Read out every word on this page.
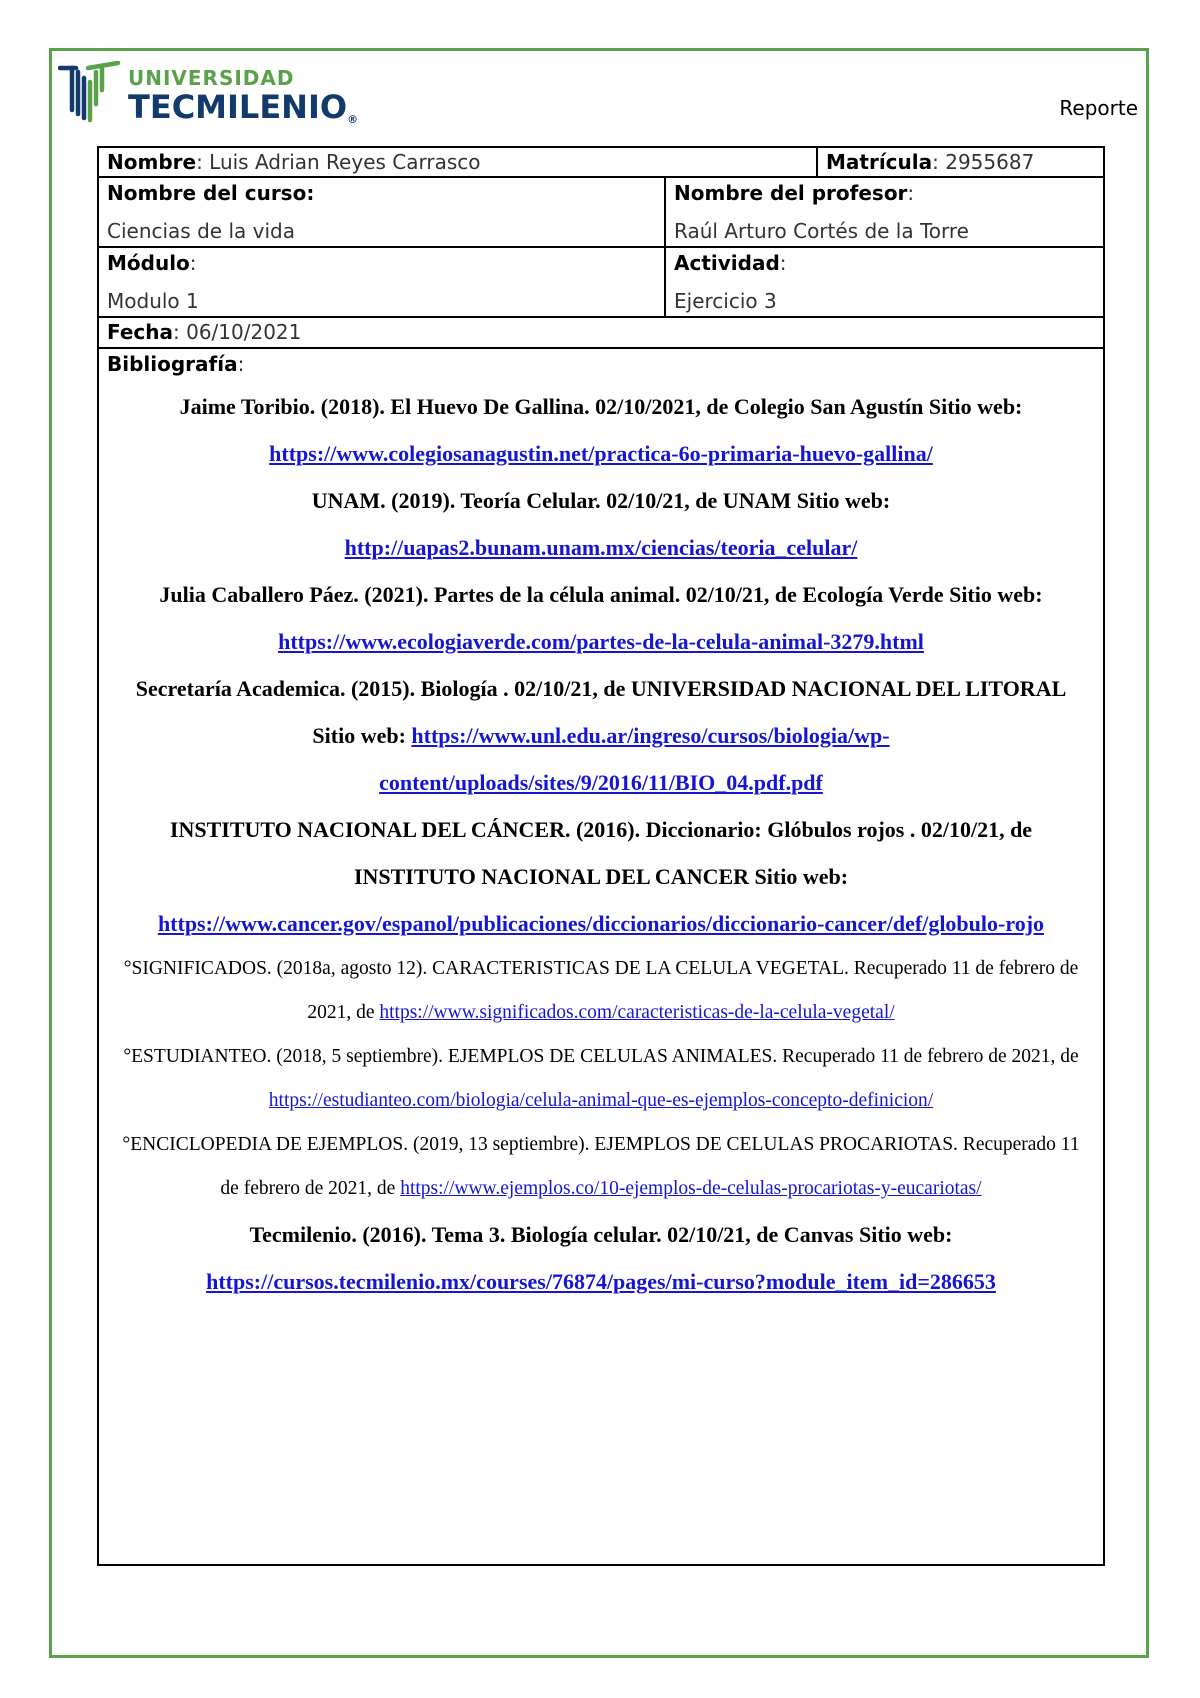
UNIVERSIDAD
TECMILENIO®	Reporte
Nombre: Luis Adrian Reyes Carrasco	Matrícula: 2955687
Nombre del curso:
Ciencias de la vida
Nombre del profesor:
Raúl Arturo Cortés de la Torre
Módulo:
Modulo 1
Actividad:
Ejercicio 3
Fecha: 06/10/2021
Bibliografía:
Jaime Toribio. (2018). El Huevo De Gallina. 02/10/2021, de Colegio San Agustín Sitio web: https://www.colegiosanagustin.net/practica-6o-primaria-huevo-gallina/
UNAM. (2019). Teoría Celular. 02/10/21, de UNAM Sitio web: http://uapas2.bunam.unam.mx/ciencias/teoria_celular/
Julia Caballero Páez. (2021). Partes de la célula animal. 02/10/21, de Ecología Verde Sitio web: https://www.ecologiaverde.com/partes-de-la-celula-animal-3279.html
Secretaría Academica. (2015). Biología . 02/10/21, de UNIVERSIDAD NACIONAL DEL LITORAL Sitio web: https://www.unl.edu.ar/ingreso/cursos/biologia/wp-content/uploads/sites/9/2016/11/BIO_04.pdf.pdf
INSTITUTO NACIONAL DEL CÁNCER. (2016). Diccionario: Glóbulos rojos . 02/10/21, de INSTITUTO NACIONAL DEL CANCER Sitio web: https://www.cancer.gov/espanol/publicaciones/diccionarios/diccionario-cancer/def/globulo-rojo
°SIGNIFICADOS. (2018a, agosto 12). CARACTERISTICAS DE LA CELULA VEGETAL. Recuperado 11 de febrero de 2021, de https://www.significados.com/caracteristicas-de-la-celula-vegetal/
°ESTUDIANTEO. (2018, 5 septiembre). EJEMPLOS DE CELULAS ANIMALES. Recuperado 11 de febrero de 2021, de https://estudianteo.com/biologia/celula-animal-que-es-ejemplos-concepto-definicion/
°ENCICLOPEDIA DE EJEMPLOS. (2019, 13 septiembre). EJEMPLOS DE CELULAS PROCARIOTAS. Recuperado 11 de febrero de 2021, de https://www.ejemplos.co/10-ejemplos-de-celulas-procariotas-y-eucariotas/
Tecmilenio. (2016). Tema 3. Biología celular. 02/10/21, de Canvas Sitio web: https://cursos.tecmilenio.mx/courses/76874/pages/mi-curso?module_item_id=286653
